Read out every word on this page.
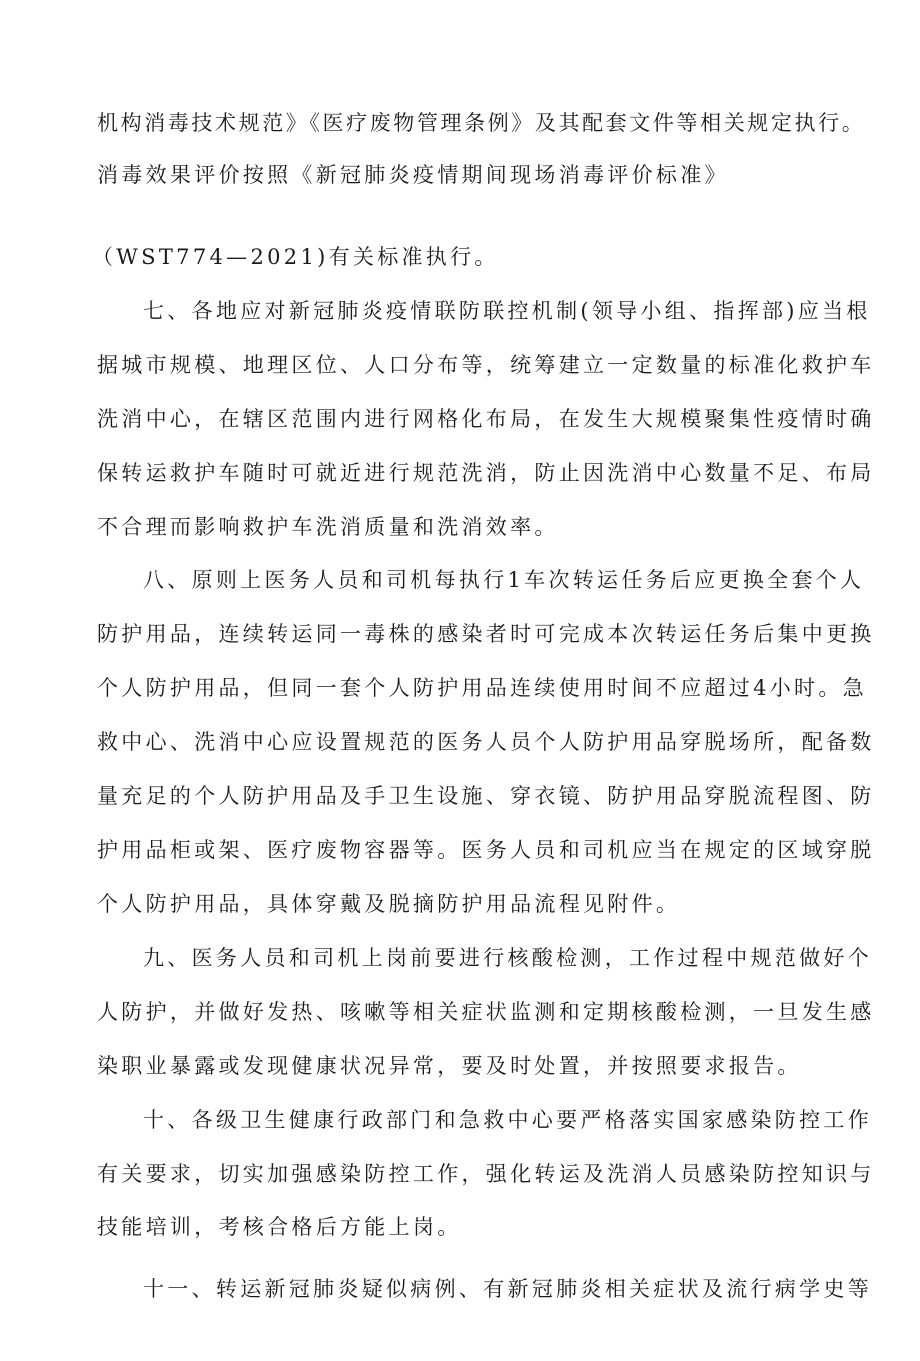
机构消毒技术规范》《医疗废物管理条例》及其配套文件等相关规定执行。
消毒效果评价按照《新冠肺炎疫情期间现场消毒评价标准》
（WST774—2021)有关标准执行。
七、各地应对新冠肺炎疫情联防联控机制(领导小组、指挥部)应当根
据城市规模、地理区位、人口分布等，统筹建立一定数量的标准化救护车
洗消中心，在辖区范围内进行网格化布局，在发生大规模聚集性疫情时确
保转运救护车随时可就近进行规范洗消，防止因洗消中心数量不足、布局
不合理而影响救护车洗消质量和洗消效率。
八、原则上医务人员和司机每执行1车次转运任务后应更换全套个人
防护用品，连续转运同一毒株的感染者时可完成本次转运任务后集中更换
个人防护用品，但同一套个人防护用品连续使用时间不应超过4小时。急
救中心、洗消中心应设置规范的医务人员个人防护用品穿脱场所，配备数
量充足的个人防护用品及手卫生设施、穿衣镜、防护用品穿脱流程图、防
护用品柜或架、医疗废物容器等。医务人员和司机应当在规定的区域穿脱
个人防护用品，具体穿戴及脱摘防护用品流程见附件。
九、医务人员和司机上岗前要进行核酸检测，工作过程中规范做好个
人防护，并做好发热、咳嗽等相关症状监测和定期核酸检测，一旦发生感
染职业暴露或发现健康状况异常，要及时处置，并按照要求报告。
十、各级卫生健康行政部门和急救中心要严格落实国家感染防控工作
有关要求，切实加强感染防控工作，强化转运及洗消人员感染防控知识与
技能培训，考核合格后方能上岗。
十一、转运新冠肺炎疑似病例、有新冠肺炎相关症状及流行病学史等
